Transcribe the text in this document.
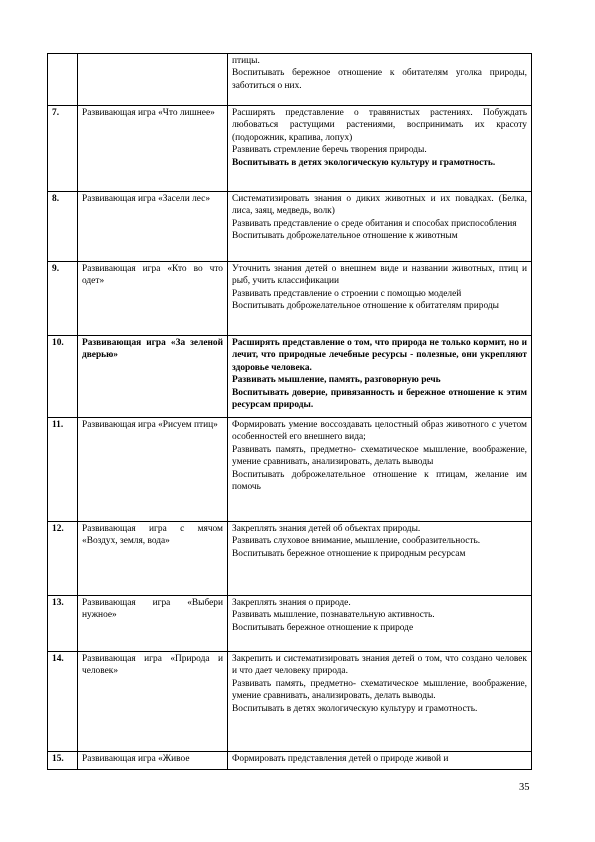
		птицы.
Воспитывать бережное отношение к обитателям уголка природы, заботиться о них.

7.	Развивающая игра «Что лишнее»	Расширять представление о травянистых растениях. Побуждать любоваться растущими растениями, воспринимать их красоту (подорожник, крапива, лопух)
Развивать стремление беречь творения природы.
Воспитывать в детях экологическую культуру и грамотность.

8.	Развивающая игра «Засели лес»	Систематизировать знания о диких животных и их повадках. (Белка, лиса, заяц, медведь, волк)
Развивать представление о среде обитания и способах приспособления
Воспитывать доброжелательное отношение к животным

9.	Развивающая игра «Кто во что одет»	Уточнить знания детей о внешнем виде и названии животных, птиц и рыб, учить классификации
Развивать представление о строении с помощью моделей
Воспитывать доброжелательное отношение к обитателям природы

10.	Развивающая игра «За зеленой дверью»	Расширять представление о том, что природа не только кормит, но и лечит, что природные лечебные ресурсы - полезные, они укрепляют здоровье человека.
Развивать мышление, память, разговорную речь
Воспитывать доверие, привязанность и бережное отношение к этим ресурсам природы.

11.	Развивающая игра «Рисуем птиц»	Формировать умение воссоздавать целостный образ животного с учетом особенностей его внешнего вида;
Развивать память, предметно- схематическое мышление, воображение, умение сравнивать, анализировать, делать выводы
Воспитывать доброжелательное отношение к птицам, желание им помочь

12.	Развивающая игра с мячом «Воздух, земля, вода»	Закреплять знания детей об объектах природы.
Развивать слуховое внимание, мышление, сообразительность.
Воспитывать бережное отношение к природным ресурсам

13.	Развивающая игра «Выбери нужное»	Закреплять знания о природе.
Развивать мышление, познавательную активность.
Воспитывать бережное отношение к природе

14.	Развивающая игра «Природа и человек»	Закрепить и систематизировать знания детей о том, что создано человек и что дает человеку природа.
Развивать память, предметно- схематическое мышление, воображение, умение сравнивать, анализировать, делать выводы.
Воспитывать в детях экологическую культуру и грамотность.

15.	Развивающая игра «Живое	Формировать представления детей о природе живой и
35
